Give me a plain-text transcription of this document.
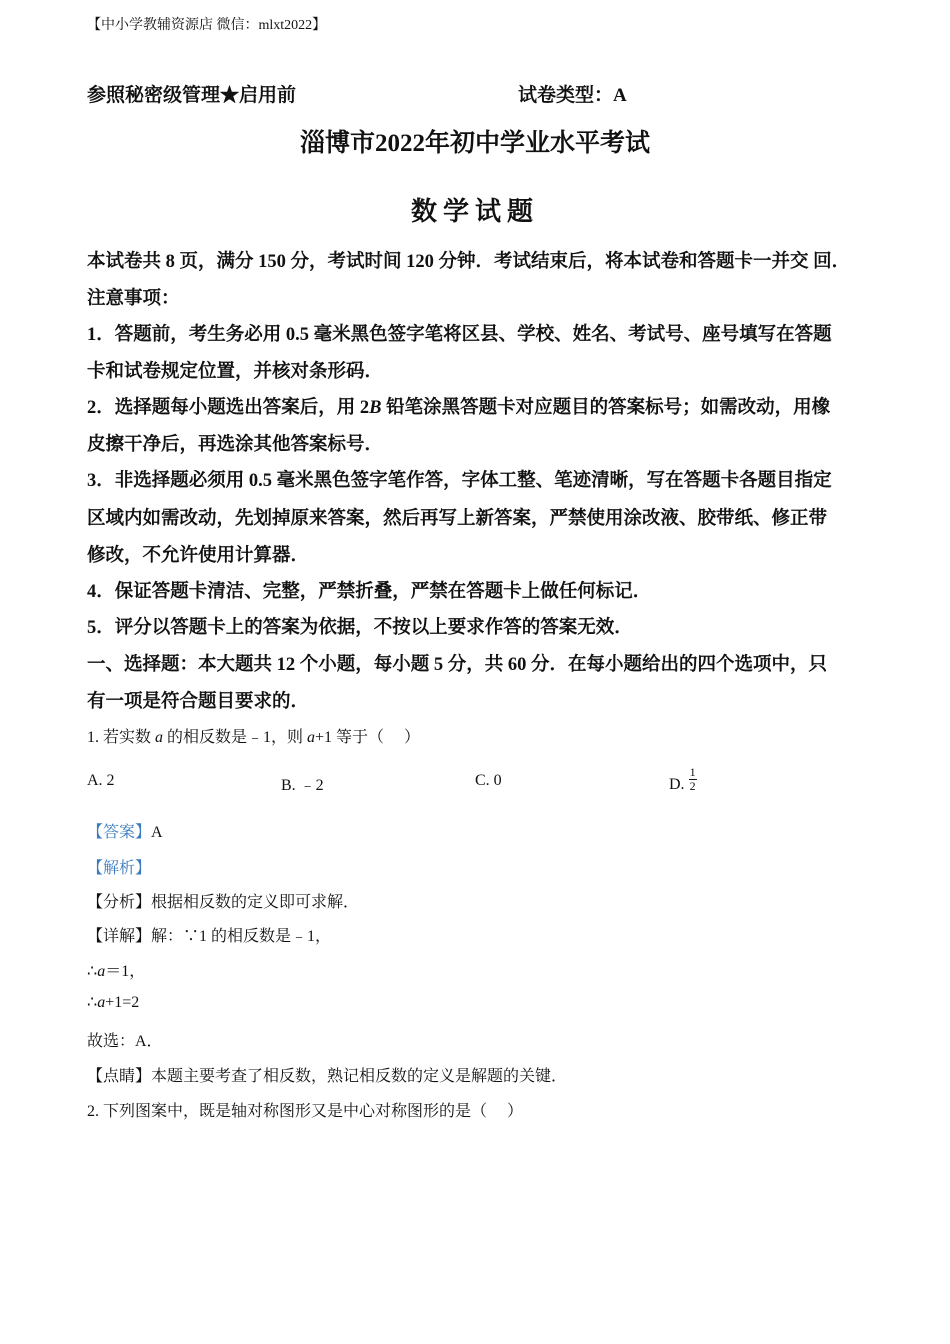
【中小学教辅资源店 微信：mlxt2022】
参照秘密级管理★启用前	试卷类型：A
淄博市2022年初中学业水平考试
数学试题
本试卷共 8 页，满分 150 分，考试时间 120 分钟．考试结束后，将本试卷和答题卡一并交 回．
注意事项：
1．答题前，考生务必用 0.5 毫米黑色签字笔将区县、学校、姓名、考试号、座号填写在答题
卡和试卷规定位置，并核对条形码．
2．选择题每小题选出答案后，用 2B 铅笔涂黑答题卡对应题目的答案标号；如需改动，用橡
皮擦干净后，再选涂其他答案标号．
3．非选择题必须用 0.5 毫米黑色签字笔作答，字体工整、笔迹清晰，写在答题卡各题目指定
区域内如需改动，先划掉原来答案，然后再写上新答案，严禁使用涂改液、胶带纸、修正带
修改，不允许使用计算器．
4．保证答题卡清洁、完整，严禁折叠，严禁在答题卡上做任何标记．
5．评分以答题卡上的答案为依据，不按以上要求作答的答案无效．
一、选择题：本大题共 12 个小题，每小题 5 分，共 60 分．在每小题给出的四个选项中，只
有一项是符合题目要求的．
1. 若实数 a 的相反数是﹣1，则 a+1 等于（　 ）
A. 2	B. ﹣2	C. 0	D. $\frac{1}{2}$
【答案】A
【解析】
【分析】根据相反数的定义即可求解．
【详解】解：∵1 的相反数是﹣1，
∴a＝1，
∴a+1=2
故选：A．
【点睛】本题主要考查了相反数，熟记相反数的定义是解题的关键．
2. 下列图案中，既是轴对称图形又是中心对称图形的是（　 ）
